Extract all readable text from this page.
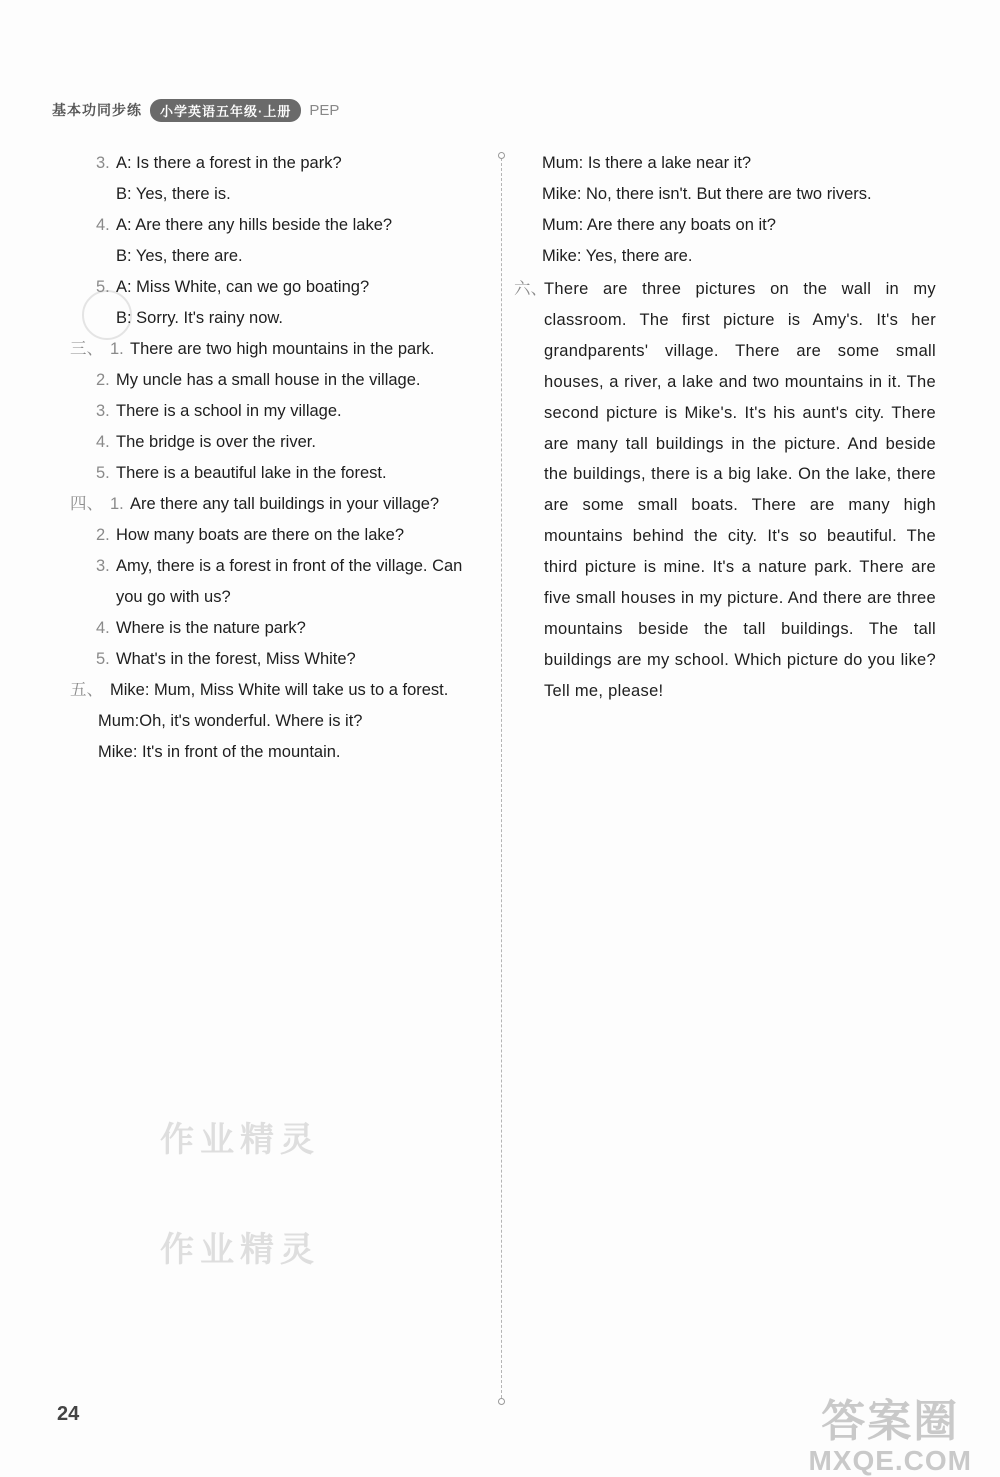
基本功同步练	小学英语五年级·上册	PEP
3. A: Is there a forest in the park?
B: Yes, there is.
4. A: Are there any hills beside the lake?
B: Yes, there are.
5. A: Miss White, can we go boating?
B: Sorry. It's rainy now.
三、 1. There are two high mountains in the park.
2. My uncle has a small house in the village.
3. There is a school in my village.
4. The bridge is over the river.
5. There is a beautiful lake in the forest.
四、 1. Are there any tall buildings in your village?
2. How many boats are there on the lake?
3. Amy, there is a forest in front of the village. Can
you go with us?
4. Where is the nature park?
5. What's in the forest, Miss White?
五、 Mike: Mum, Miss White will take us to a forest.
Mum:Oh, it's wonderful. Where is it?
Mike: It's in front of the mountain.
Mum: Is there a lake near it?
Mike: No, there isn't. But there are two rivers.
Mum: Are there any boats on it?
Mike: Yes, there are.
六、
There are three pictures on the wall in my classroom. The first picture is Amy's. It's her grandparents' village. There are some small houses, a river, a lake and two mountains in it. The second picture is Mike's. It's his aunt's city. There are many tall buildings in the picture. And beside the buildings, there is a big lake. On the lake, there are some small boats. There are many high mountains behind the city. It's so beautiful. The third picture is mine. It's a nature park. There are five small houses in my picture. And there are three mountains beside the tall buildings. The tall buildings are my school. Which picture do you like? Tell me, please!
作业精灵
作业精灵
24	答案圈
MXQE.COM
